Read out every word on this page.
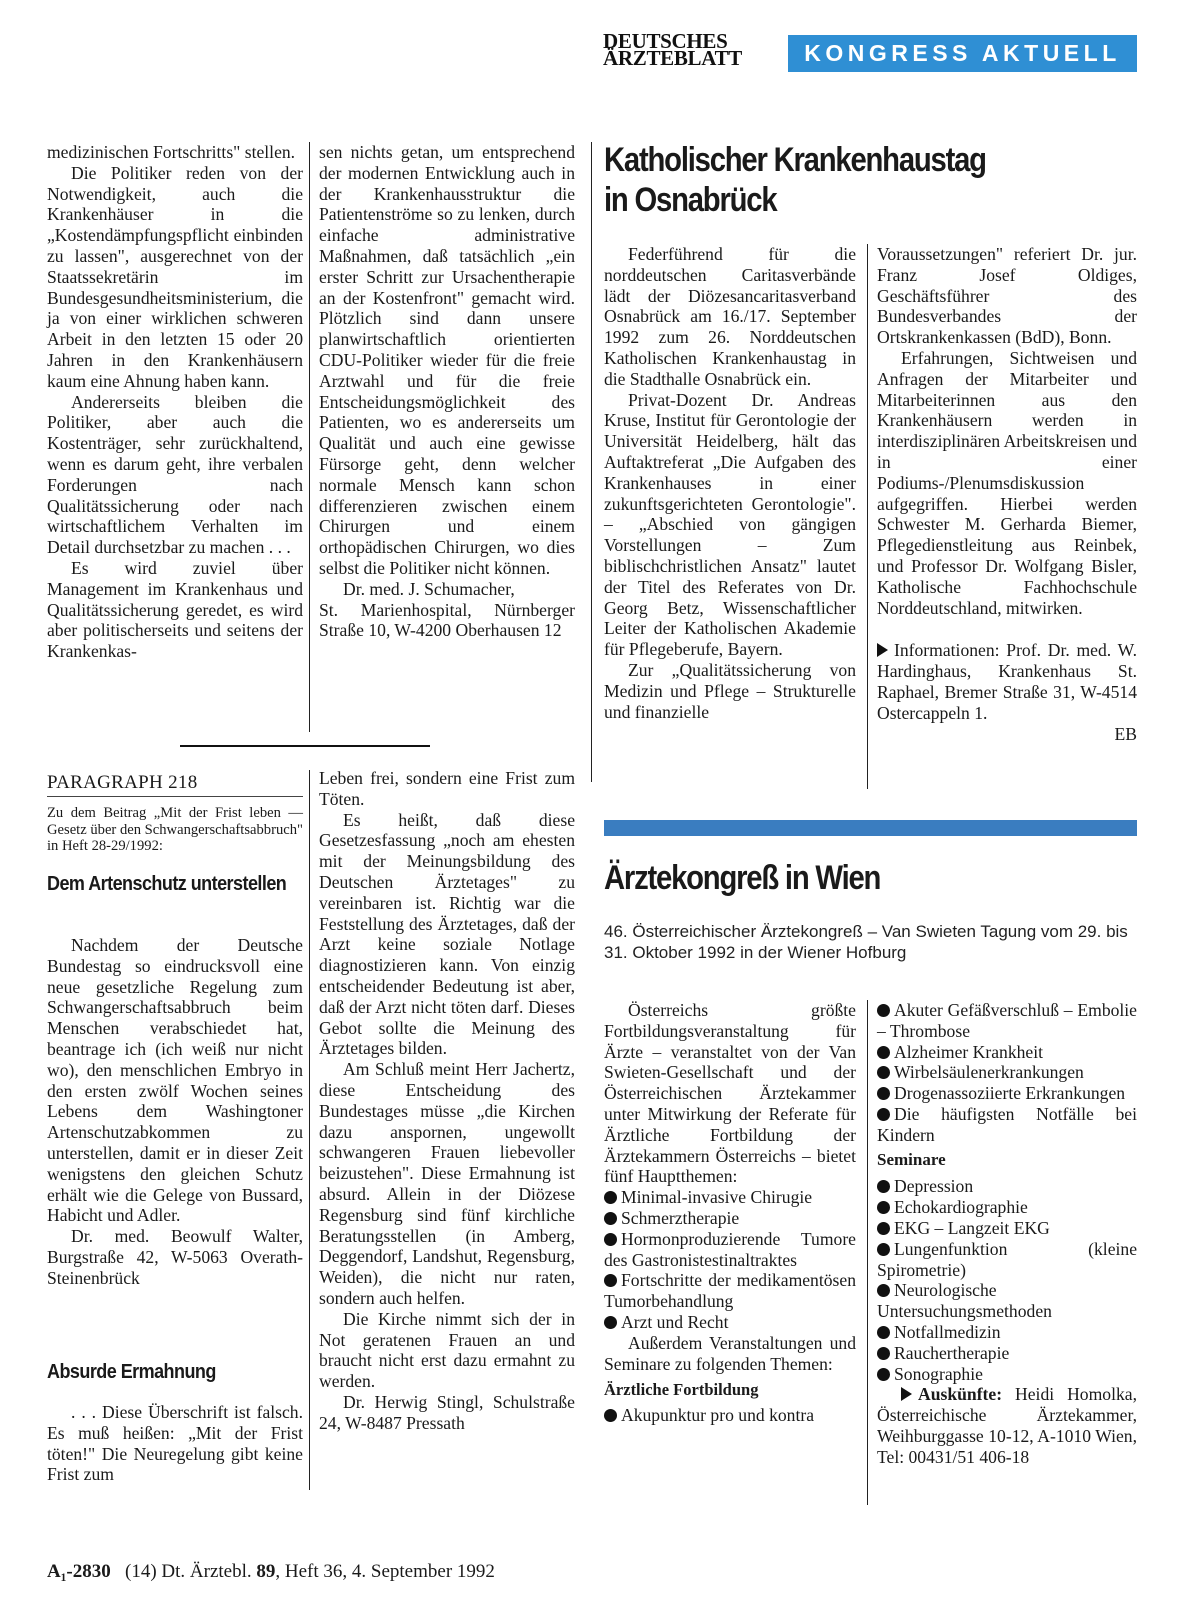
DEUTSCHES
ÄRZTEBLATT	KONGRESS AKTUELL

medizinischen Fortschritts" stellen.

Die Politiker reden von der Notwendigkeit, auch die Krankenhäuser in die „Kostendämpfungspflicht einbinden zu lassen", ausgerechnet von der Staatssekretärin im Bundesgesundheitsministerium, die ja von einer wirklichen schweren Arbeit in den letzten 15 oder 20 Jahren in den Krankenhäusern kaum eine Ahnung haben kann.

Andererseits bleiben die Politiker, aber auch die Kostenträger, sehr zurückhaltend, wenn es darum geht, ihre verbalen Forderungen nach Qualitätssicherung oder nach wirtschaftlichem Verhalten im Detail durchsetzbar zu machen . . .

Es wird zuviel über Management im Krankenhaus und Qualitätssicherung geredet, es wird aber politischerseits und seitens der Krankenkas-

sen nichts getan, um entsprechend der modernen Entwicklung auch in der Krankenhausstruktur die Patientenströme so zu lenken, durch einfache administrative Maßnahmen, daß tatsächlich „ein erster Schritt zur Ursachentherapie an der Kostenfront" gemacht wird. Plötzlich sind dann unsere planwirtschaftlich orientierten CDU-Politiker wieder für die freie Arztwahl und für die freie Entscheidungsmöglichkeit des Patienten, wo es andererseits um Qualität und auch eine gewisse Fürsorge geht, denn welcher normale Mensch kann schon differenzieren zwischen einem Chirurgen und einem orthopädischen Chirurgen, wo dies selbst die Politiker nicht können.

Dr. med. J. Schumacher,
St. Marienhospital, Nürnberger Straße 10, W-4200 Oberhausen 12

PARAGRAPH 218
Zu dem Beitrag „Mit der Frist leben — Gesetz über den Schwangerschaftsabbruch" in Heft 28-29/1992:
Dem Artenschutz unterstellen

Nachdem der Deutsche Bundestag so eindrucksvoll eine neue gesetzliche Regelung zum Schwangerschaftsabbruch beim Menschen verabschiedet hat, beantrage ich (ich weiß nur nicht wo), den menschlichen Embryo in den ersten zwölf Wochen seines Lebens dem Washingtoner Artenschutzabkommen zu unterstellen, damit er in dieser Zeit wenigstens den gleichen Schutz erhält wie die Gelege von Bussard, Habicht und Adler.

Dr. med. Beowulf Walter, Burgstraße 42, W-5063 Overath-Steinenbrück

Absurde Ermahnung

. . . Diese Überschrift ist falsch. Es muß heißen: „Mit der Frist töten!" Die Neuregelung gibt keine Frist zum

Leben frei, sondern eine Frist zum Töten.

Es heißt, daß diese Gesetzesfassung „noch am ehesten mit der Meinungsbildung des Deutschen Ärztetages" zu vereinbaren ist. Richtig war die Feststellung des Ärztetages, daß der Arzt keine soziale Notlage diagnostizieren kann. Von einzig entscheidender Bedeutung ist aber, daß der Arzt nicht töten darf. Dieses Gebot sollte die Meinung des Ärztetages bilden.

Am Schluß meint Herr Jachertz, diese Entscheidung des Bundestages müsse „die Kirchen dazu anspornen, ungewollt schwangeren Frauen liebevoller beizustehen". Diese Ermahnung ist absurd. Allein in der Diözese Regensburg sind fünf kirchliche Beratungsstellen (in Amberg, Deggendorf, Landshut, Regensburg, Weiden), die nicht nur raten, sondern auch helfen.

Die Kirche nimmt sich der in Not geratenen Frauen an und braucht nicht erst dazu ermahnt zu werden.

Dr. Herwig Stingl, Schulstraße 24, W-8487 Pressath

Katholischer Krankenhaustag
in Osnabrück

Federführend für die norddeutschen Caritasverbände lädt der Diözesancaritasverband Osnabrück am 16./17. September 1992 zum 26. Norddeutschen Katholischen Krankenhaustag in die Stadthalle Osnabrück ein.

Privat-Dozent Dr. Andreas Kruse, Institut für Gerontologie der Universität Heidelberg, hält das Auftaktreferat „Die Aufgaben des Krankenhauses in einer zukunftsgerichteten Gerontologie". – „Abschied von gängigen Vorstellungen – Zum biblischchristlichen Ansatz" lautet der Titel des Referates von Dr. Georg Betz, Wissenschaftlicher Leiter der Katholischen Akademie für Pflegeberufe, Bayern.

Zur „Qualitätssicherung von Medizin und Pflege – Strukturelle und finanzielle

Voraussetzungen" referiert Dr. jur. Franz Josef Oldiges, Geschäftsführer des Bundesverbandes der Ortskrankenkassen (BdD), Bonn.

Erfahrungen, Sichtweisen und Anfragen der Mitarbeiter und Mitarbeiterinnen aus den Krankenhäusern werden in interdisziplinären Arbeitskreisen und in einer Podiums-/Plenumsdiskussion aufgegriffen. Hierbei werden Schwester M. Gerharda Biemer, Pflegedienstleitung aus Reinbek, und Professor Dr. Wolfgang Bisler, Katholische Fachhochschule Norddeutschland, mitwirken.

Informationen: Prof. Dr. med. W. Hardinghaus, Krankenhaus St. Raphael, Bremer Straße 31, W-4514 Ostercappeln 1.

EB

Ärztekongreß in Wien
46. Österreichischer Ärztekongreß – Van Swieten Tagung vom 29. bis 31. Oktober 1992 in der Wiener Hofburg

Österreichs größte Fortbildungsveranstaltung für Ärzte – veranstaltet von der Van Swieten-Gesellschaft und der Österreichischen Ärztekammer unter Mitwirkung der Referate für Ärztliche Fortbildung der Ärztekammern Österreichs – bietet fünf Hauptthemen:

Minimal-invasive Chirugie

Schmerztherapie

Hormonproduzierende Tumore des Gastronistestinaltraktes

Fortschritte der medikamentösen Tumorbehandlung

Arzt und Recht

Außerdem Veranstaltungen und Seminare zu folgenden Themen:

Ärztliche Fortbildung

Akupunktur pro und kontra

Akuter Gefäßverschluß – Embolie – Thrombose

Alzheimer Krankheit

Wirbelsäulenerkrankungen

Drogenassoziierte Erkrankungen

Die häufigsten Notfälle bei Kindern

Seminare

Depression

Echokardiographie

EKG – Langzeit EKG

Lungenfunktion (kleine Spirometrie)

Neurologische Untersuchungsmethoden

Notfallmedizin

Rauchertherapie

Sonographie

Auskünfte: Heidi Homolka, Österreichische Ärztekammer, Weihburggasse 10-12, A-1010 Wien, Tel: 00431/51 406-18

A₁-2830 (14) Dt. Ärztebl. 89, Heft 36, 4. September 1992
